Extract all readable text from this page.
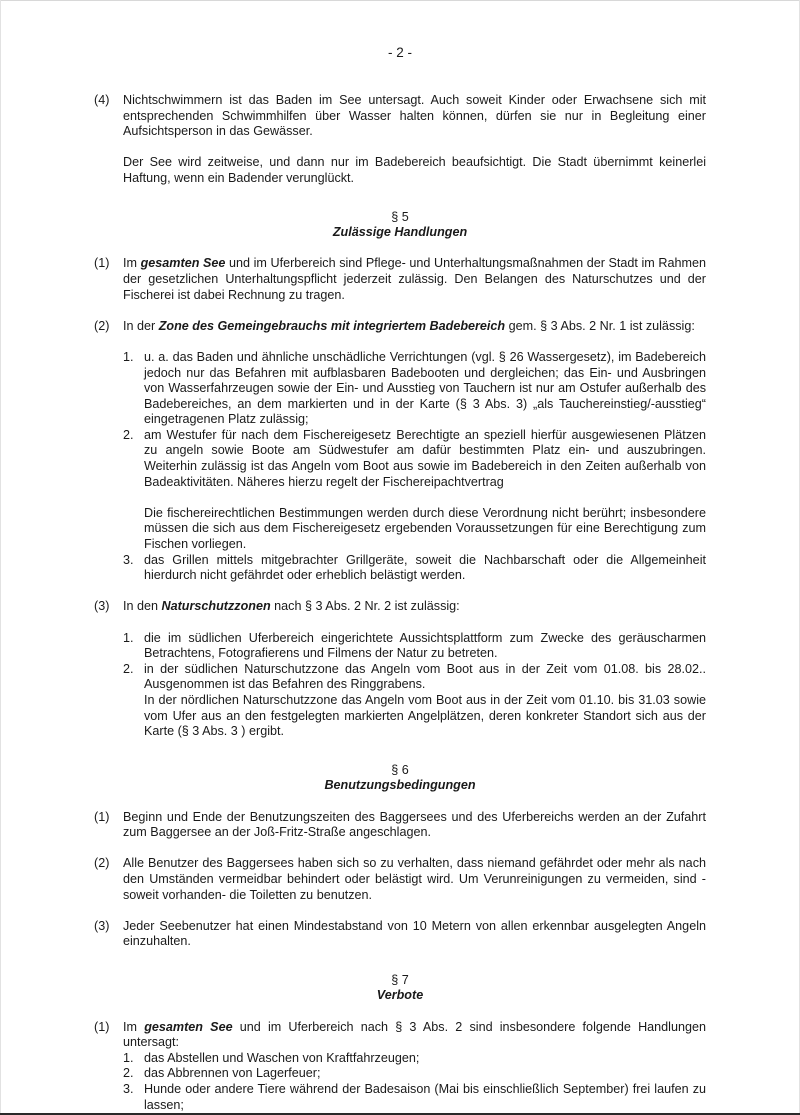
- 2 -
(4) Nichtschwimmern ist das Baden im See untersagt. Auch soweit Kinder oder Erwachsene sich mit entsprechenden Schwimmhilfen über Wasser halten können, dürfen sie nur in Begleitung einer Aufsichtsperson in das Gewässer.

Der See wird zeitweise, und dann nur im Badebereich beaufsichtigt. Die Stadt übernimmt keinerlei Haftung, wenn ein Badender verunglückt.

§ 5
Zulässige Handlungen
(1) Im gesamten See und im Uferbereich sind Pflege- und Unterhaltungsmaßnahmen der Stadt im Rahmen der gesetzlichen Unterhaltungspflicht jederzeit zulässig. Den Belangen des Naturschutzes und der Fischerei ist dabei Rechnung zu tragen.

(2) In der Zone des Gemeingebrauchs mit integriertem Badebereich gem. § 3 Abs. 2 Nr. 1 ist zulässig:

1. u. a. das Baden und ähnliche unschädliche Verrichtungen (vgl. § 26 Wassergesetz), im Badebereich jedoch nur das Befahren mit aufblasbaren Badebooten und dergleichen; das Ein- und Ausbringen von Wasserfahrzeugen sowie der Ein- und Ausstieg von Tauchern ist nur am Ostufer außerhalb des Badebereiches, an dem markierten und in der Karte (§ 3 Abs. 3) „als Tauchereinstieg/-ausstieg“ eingetragenen Platz zulässig;
2. am Westufer für nach dem Fischereigesetz Berechtigte an speziell hierfür ausgewiesenen Plätzen zu angeln sowie Boote am Südwestufer am dafür bestimmten Platz ein- und auszubringen. Weiterhin zulässig ist das Angeln vom Boot aus sowie im Badebereich in den Zeiten außerhalb von Badeaktivitäten. Näheres hierzu regelt der Fischereipachtvertrag
Die fischereirechtlichen Bestimmungen werden durch diese Verordnung nicht berührt; insbesondere müssen die sich aus dem Fischereigesetz ergebenden Voraussetzungen für eine Berechtigung zum Fischen vorliegen.
3. das Grillen mittels mitgebrachter Grillgeräte, soweit die Nachbarschaft oder die Allgemeinheit hierdurch nicht gefährdet oder erheblich belästigt werden.
(3) In den Naturschutzzonen nach § 3 Abs. 2 Nr. 2 ist zulässig:

1. die im südlichen Uferbereich eingerichtete Aussichtsplattform zum Zwecke des geräuscharmen Betrachtens, Fotografierens und Filmens der Natur zu betreten.
2. in der südlichen Naturschutzzone das Angeln vom Boot aus in der Zeit vom 01.08. bis 28.02.. Ausgenommen ist das Befahren des Ringgrabens.
In der nördlichen Naturschutzzone das Angeln vom Boot aus in der Zeit vom 01.10. bis 31.03 sowie vom Ufer aus an den festgelegten markierten Angelplätzen, deren konkreter Standort sich aus der Karte (§ 3 Abs. 3 ) ergibt.
§ 6
Benutzungsbedingungen
(1) Beginn und Ende der Benutzungszeiten des Baggersees und des Uferbereichs werden an der Zufahrt zum Baggersee an der Joß-Fritz-Straße angeschlagen.

(2) Alle Benutzer des Baggersees haben sich so zu verhalten, dass niemand gefährdet oder mehr als nach den Umständen vermeidbar behindert oder belästigt wird. Um Verunreinigungen zu vermeiden, sind -soweit vorhanden- die Toiletten zu benutzen.

(3) Jeder Seebenutzer hat einen Mindestabstand von 10 Metern von allen erkennbar ausgelegten Angeln einzuhalten.

§ 7
Verbote
(1) Im gesamten See und im Uferbereich nach § 3 Abs. 2 sind insbesondere folgende Handlungen untersagt:

1. das Abstellen und Waschen von Kraftfahrzeugen;
2. das Abbrennen von Lagerfeuer;
3. Hunde oder andere Tiere während der Badesaison (Mai bis einschließlich September) frei laufen zu lassen;
